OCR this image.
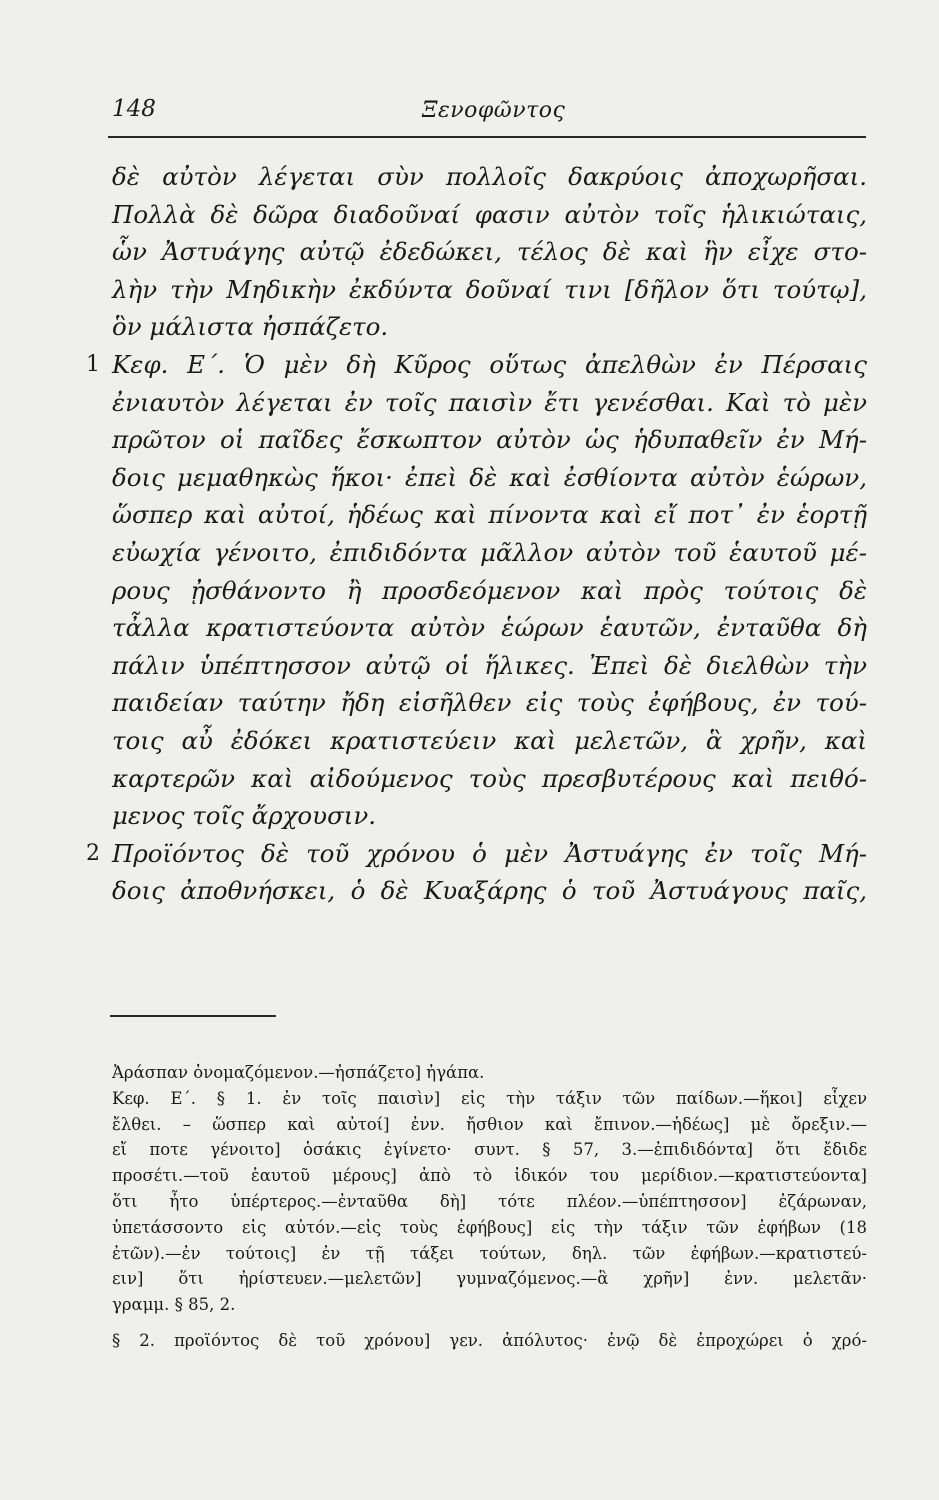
148	Ξενοφῶντος
δὲ αὐτὸν λέγεται σὺν πολλοῖς δακρύοις ἀποχωρῆσαι.
Πολλὰ δὲ δῶρα διαδοῦναί φασιν αὐτὸν τοῖς ἡλικιώταις,
ὧν Ἀστυάγης αὐτῷ ἐδεδώκει, τέλος δὲ καὶ ἣν εἶχε στο-
λὴν τὴν Μηδικὴν ἐκδύντα δοῦναί τινι [δῆλον ὅτι τούτῳ],
ὃν μάλιστα ἠσπάζετο.
1 Κεφ. Ε΄. Ὁ μὲν δὴ Κῦρος οὕτως ἀπελθὼν ἐν Πέρσαις
ἐνιαυτὸν λέγεται ἐν τοῖς παισὶν ἔτι γενέσθαι. Καὶ τὸ μὲν
πρῶτον οἱ παῖδες ἔσκωπτον αὐτὸν ὡς ἡδυπαθεῖν ἐν Μή-
δοις μεμαθηκὼς ἥκοι· ἐπεὶ δὲ καὶ ἐσθίοντα αὐτὸν ἑώρων,
ὥσπερ καὶ αὐτοί, ἡδέως καὶ πίνοντα καὶ εἴ ποτ᾽ ἐν ἑορτῇ
εὐωχία γένοιτο, ἐπιδιδόντα μᾶλλον αὐτὸν τοῦ ἑαυτοῦ μέ-
ρους ᾐσθάνοντο ἢ προσδεόμενον καὶ πρὸς τούτοις δὲ
τἆλλα κρατιστεύοντα αὐτὸν ἑώρων ἑαυτῶν, ἐνταῦθα δὴ
πάλιν ὑπέπτησσον αὐτῷ οἱ ἥλικες. Ἐπεὶ δὲ διελθὼν τὴν
παιδείαν ταύτην ἤδη εἰσῆλθεν εἰς τοὺς ἐφήβους, ἐν τού-
τοις αὖ ἐδόκει κρατιστεύειν καὶ μελετῶν, ἃ χρῆν, καὶ
καρτερῶν καὶ αἰδούμενος τοὺς πρεσβυτέρους καὶ πειθό-
μενος τοῖς ἄρχουσιν.
2 Προϊόντος δὲ τοῦ χρόνου ὁ μὲν Ἀστυάγης ἐν τοῖς Μή-
δοις ἀποθνήσκει, ὁ δὲ Κυαξάρης ὁ τοῦ Ἀστυάγους παῖς,
Ἀράσπαν ὀνομαζόμενον.—ἠσπάζετο] ἠγάπα.
Κεφ. Ε΄. § 1. ἐν τοῖς παισὶν] εἰς τὴν τάξιν τῶν παίδων.—ἥκοι] εἶχεν
ἔλθει. – ὥσπερ καὶ αὐτοί] ἐνν. ἤσθιον καὶ ἔπινον.—ἡδέως] μὲ ὄρεξιν.—
εἴ ποτε γένοιτο] ὁσάκις ἐγίνετο· συντ. § 57, 3.—ἐπιδιδόντα] ὅτι ἔδιδε
προσέτι.—τοῦ ἑαυτοῦ μέρους] ἀπὸ τὸ ἰδικόν του μερίδιον.—κρατιστεύοντα]
ὅτι ἦτο ὑπέρτερος.—ἐνταῦθα δὴ] τότε πλέον.—ὑπέπτησσον] ἐζάρωναν,
ὑπετάσσοντο εἰς αὐτόν.—εἰς τοὺς ἐφήβους] εἰς τὴν τάξιν τῶν ἐφήβων (18
ἐτῶν).—ἐν τούτοις] ἐν τῇ τάξει τούτων, δηλ. τῶν ἐφήβων.—κρατιστεύ-
ειν] ὅτι ἠρίστευεν.—μελετῶν] γυμναζόμενος.—ἃ χρῆν] ἐνν. μελετᾶν·
γραμμ. § 85, 2.
§ 2. προϊόντος δὲ τοῦ χρόνου] γεν. ἀπόλυτος· ἐνῷ δὲ ἐπροχώρει ὁ χρό-
